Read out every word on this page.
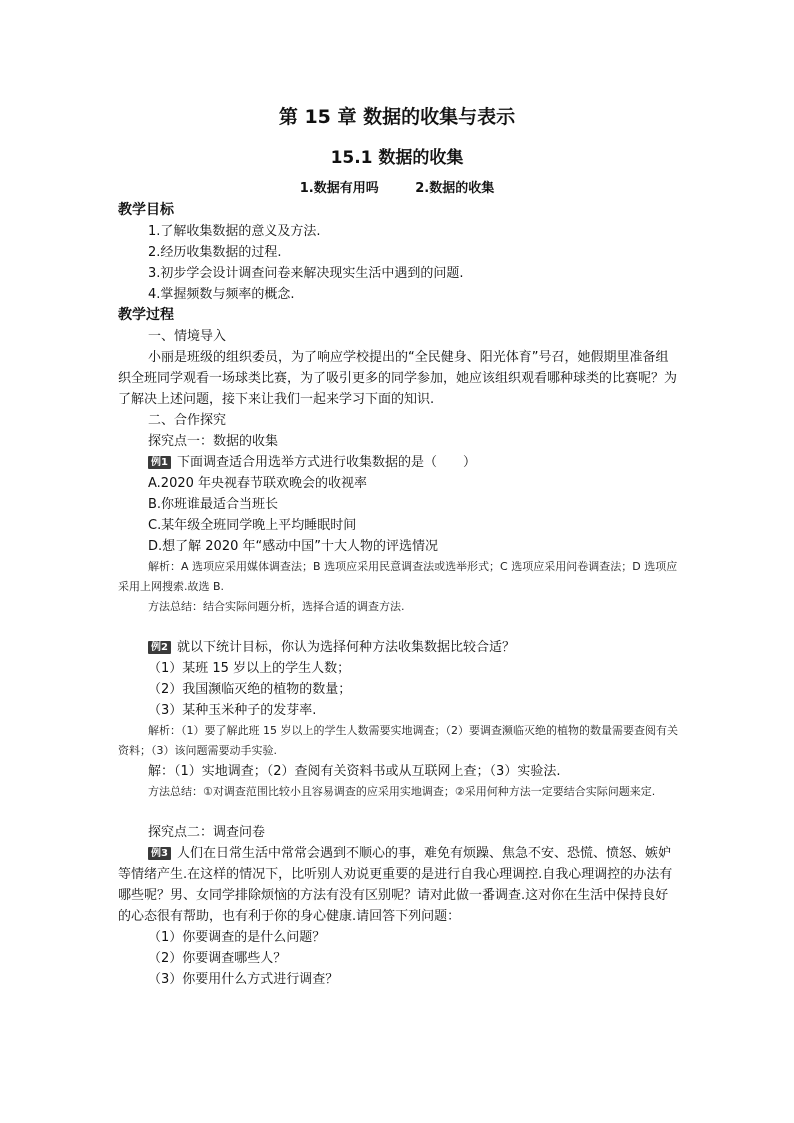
第 15 章 数据的收集与表示
15.1 数据的收集
1.数据有用吗	2.数据的收集
教学目标
1.了解收集数据的意义及方法.
2.经历收集数据的过程.
3.初步学会设计调查问卷来解决现实生活中遇到的问题.
4.掌握频数与频率的概念.
教学过程
一、情境导入
小丽是班级的组织委员，为了响应学校提出的“全民健身、阳光体育”号召，她假期里准备组织全班同学观看一场球类比赛，为了吸引更多的同学参加，她应该组织观看哪种球类的比赛呢？为了解决上述问题，接下来让我们一起来学习下面的知识.
二、合作探究
探究点一：数据的收集
例1 下面调查适合用选举方式进行收集数据的是（　　）
A.2020 年央视春节联欢晚会的收视率
B.你班谁最适合当班长
C.某年级全班同学晚上平均睡眠时间
D.想了解 2020 年“感动中国”十大人物的评选情况
解析：A 选项应采用媒体调查法；B 选项应采用民意调查法或选举形式；C 选项应采用问卷调查法；D 选项应采用上网搜索.故选 B.
方法总结：结合实际问题分析，选择合适的调查方法.
例2 就以下统计目标，你认为选择何种方法收集数据比较合适？
（1）某班 15 岁以上的学生人数；
（2）我国濒临灭绝的植物的数量；
（3）某种玉米种子的发芽率.
解析：（1）要了解此班 15 岁以上的学生人数需要实地调查；（2）要调查濒临灭绝的植物的数量需要查阅有关资料；（3）该问题需要动手实验.
解：（1）实地调查；（2）查阅有关资料书或从互联网上查；（3）实验法.
方法总结：①对调查范围比较小且容易调查的应采用实地调查；②采用何种方法一定要结合实际问题来定.
探究点二：调查问卷
例3 人们在日常生活中常常会遇到不顺心的事，难免有烦躁、焦急不安、恐慌、愤怒、嫉妒等情绪产生.在这样的情况下，比听别人劝说更重要的是进行自我心理调控.自我心理调控的办法有哪些呢？男、女同学排除烦恼的方法有没有区别呢？请对此做一番调查.这对你在生活中保持良好的心态很有帮助，也有利于你的身心健康.请回答下列问题：
（1）你要调查的是什么问题？
（2）你要调查哪些人？
（3）你要用什么方式进行调查？
